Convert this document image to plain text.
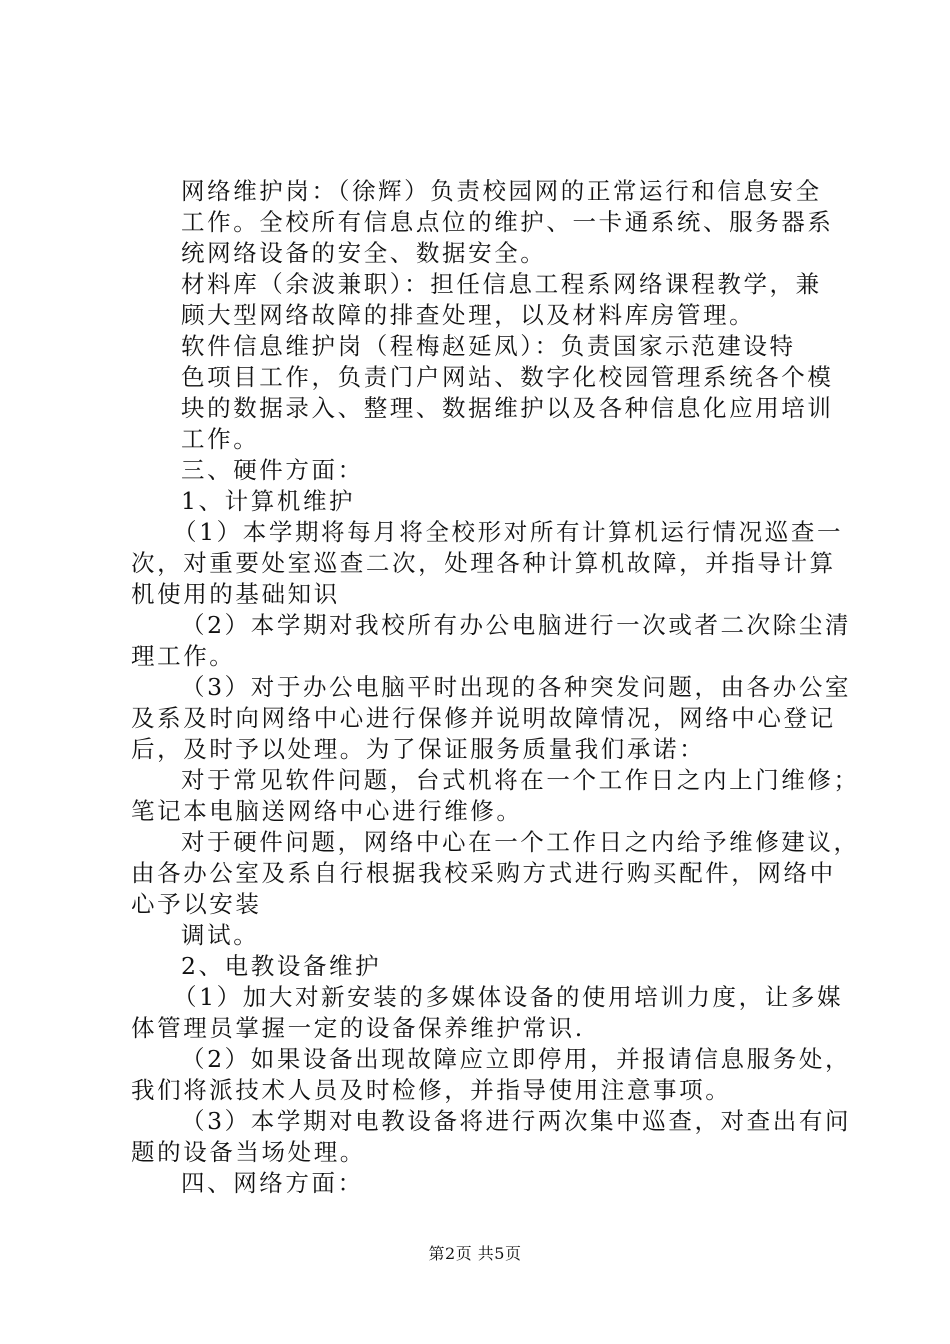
网络维护岗：（徐辉）负责校园网的正常运行和信息安全
工作。全校所有信息点位的维护、一卡通系统、服务器系
统网络设备的安全、数据安全。
材料库（余波兼职）：担任信息工程系网络课程教学，兼
顾大型网络故障的排查处理，以及材料库房管理。
软件信息维护岗（程梅赵延凤）：负责国家示范建设特
色项目工作，负责门户网站、数字化校园管理系统各个模
块的数据录入、整理、数据维护以及各种信息化应用培训
工作。
三、硬件方面：
1、计算机维护
（1）本学期将每月将全校形对所有计算机运行情况巡查一
次，对重要处室巡查二次，处理各种计算机故障，并指导计算
机使用的基础知识
（2）本学期对我校所有办公电脑进行一次或者二次除尘清
理工作。
（3）对于办公电脑平时出现的各种突发问题，由各办公室
及系及时向网络中心进行保修并说明故障情况，网络中心登记
后，及时予以处理。为了保证服务质量我们承诺：
对于常见软件问题，台式机将在一个工作日之内上门维修；
笔记本电脑送网络中心进行维修。
对于硬件问题，网络中心在一个工作日之内给予维修建议，
由各办公室及系自行根据我校采购方式进行购买配件，网络中
心予以安装
调试。
2、电教设备维护
（1）加大对新安装的多媒体设备的使用培训力度，让多媒
体管理员掌握一定的设备保养维护常识.
（2）如果设备出现故障应立即停用，并报请信息服务处，
我们将派技术人员及时检修，并指导使用注意事项。
（3）本学期对电教设备将进行两次集中巡查，对查出有问
题的设备当场处理。
四、网络方面：
第2页 共5页
